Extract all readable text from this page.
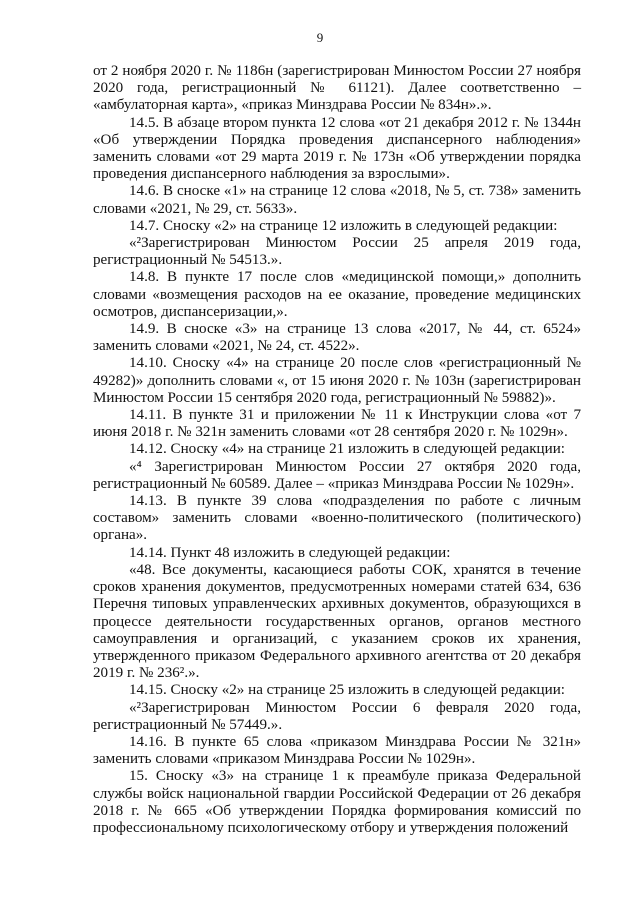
9

от 2 ноября 2020 г. № 1186н (зарегистрирован Минюстом России 27 ноября 2020 года, регистрационный № 61121). Далее соответственно – «амбулаторная карта», «приказ Минздрава России № 834н».».

14.5. В абзаце втором пункта 12 слова «от 21 декабря 2012 г. № 1344н «Об утверждении Порядка проведения диспансерного наблюдения» заменить словами «от 29 марта 2019 г. № 173н «Об утверждении порядка проведения диспансерного наблюдения за взрослыми».

14.6. В сноске «1» на странице 12 слова «2018, № 5, ст. 738» заменить словами «2021, № 29, ст. 5633».

14.7. Сноску «2» на странице 12 изложить в следующей редакции:

«²Зарегистрирован Минюстом России 25 апреля 2019 года, регистрационный № 54513.».

14.8. В пункте 17 после слов «медицинской помощи,» дополнить словами «возмещения расходов на ее оказание, проведение медицинских осмотров, диспансеризации,».

14.9. В сноске «3» на странице 13 слова «2017, № 44, ст. 6524» заменить словами «2021, № 24, ст. 4522».

14.10. Сноску «4» на странице 20 после слов «регистрационный № 49282)» дополнить словами «, от 15 июня 2020 г. № 103н (зарегистрирован Минюстом России 15 сентября 2020 года, регистрационный № 59882)».

14.11. В пункте 31 и приложении № 11 к Инструкции слова «от 7 июня 2018 г. № 321н заменить словами «от 28 сентября 2020 г. № 1029н».

14.12. Сноску «4» на странице 21 изложить в следующей редакции:

«⁴ Зарегистрирован Минюстом России 27 октября 2020 года, регистрационный № 60589. Далее – «приказ Минздрава России № 1029н».

14.13. В пункте 39 слова «подразделения по работе с личным составом» заменить словами «военно-политического (политического) органа».

14.14. Пункт 48 изложить в следующей редакции:

«48. Все документы, касающиеся работы СОК, хранятся в течение сроков хранения документов, предусмотренных номерами статей 634, 636 Перечня типовых управленческих архивных документов, образующихся в процессе деятельности государственных органов, органов местного самоуправления и организаций, с указанием сроков их хранения, утвержденного приказом Федерального архивного агентства от 20 декабря 2019 г. № 236².».

14.15. Сноску «2» на странице 25 изложить в следующей редакции:

«²Зарегистрирован Минюстом России 6 февраля 2020 года, регистрационный № 57449.».

14.16. В пункте 65 слова «приказом Минздрава России № 321н» заменить словами «приказом Минздрава России № 1029н».

15. Сноску «3» на странице 1 к преамбуле приказа Федеральной службы войск национальной гвардии Российской Федерации от 26 декабря 2018 г. № 665 «Об утверждении Порядка формирования комиссий по профессиональному психологическому отбору и утверждения положений
